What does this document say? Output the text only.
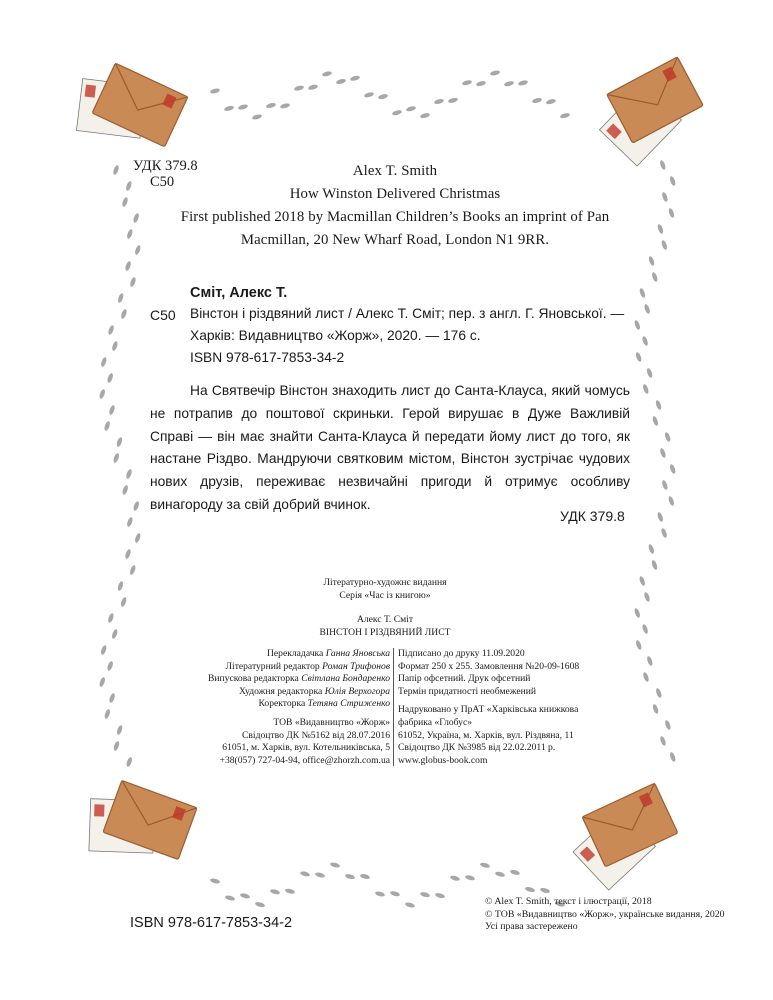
УДК 379.8
С50
Alex T. Smith
How Winston Delivered Christmas
First published 2018 by Macmillan Children’s Books an imprint of Pan
Macmillan, 20 New Wharf Road, London N1 9RR.
Сміт, Алекс Т.
С50 Вінстон і різдвяний лист / Алекс Т. Сміт; пер. з англ. Г. Яновської. —
Харків: Видавництво «Жорж», 2020. — 176 с.
ISBN 978-617-7853-34-2

На Святвечір Вінстон знаходить лист до Санта-Клауса, який чомусь не потрапив до поштової скриньки. Герой вирушає в Дуже Важливій Справі — він має знайти Санта-Клауса й передати йому лист до того, як настане Різдво. Мандруючи святковим містом, Вінстон зустрічає чудових нових друзів, переживає незвичайні пригоди й отримує особливу винагороду за свій добрий вчинок.

УДК 379.8
Літературно-художнє видання
Серія «Час із книгою»
Алекс Т. Сміт
ВІНСТОН І РІЗДВЯНИЙ ЛИСТ
Перекладачка Ганна Яновська
Літературний редактор Роман Трифонов
Випускова редакторка Світлана Бондаренко
Художня редакторка Юлія Верхогора
Коректорка Тетяна Стриженко
ТОВ «Видавництво «Жорж»
Свідоцтво ДК №5162 від 28.07.2016
61051, м. Харків, вул. Котельниківська, 5
+38(057) 727-04-94, office@zhorzh.com.ua
Підписано до друку 11.09.2020
Формат 250 х 255. Замовлення №20-09-1608
Папір офсетний. Друк офсетний
Термін придатності необмежений
Надруковано у ПрАТ «Харківська книжкова
фабрика «Глобус»
61052, Україна, м. Харків, вул. Різдвяна, 11
Свідоцтво ДК №3985 від 22.02.2011 р.
www.globus-book.com
ISBN 978-617-7853-34-2
© Alex T. Smith, текст і ілюстрації, 2018
© ТОВ «Видавництво «Жорж», українське видання, 2020
Усі права застережено
